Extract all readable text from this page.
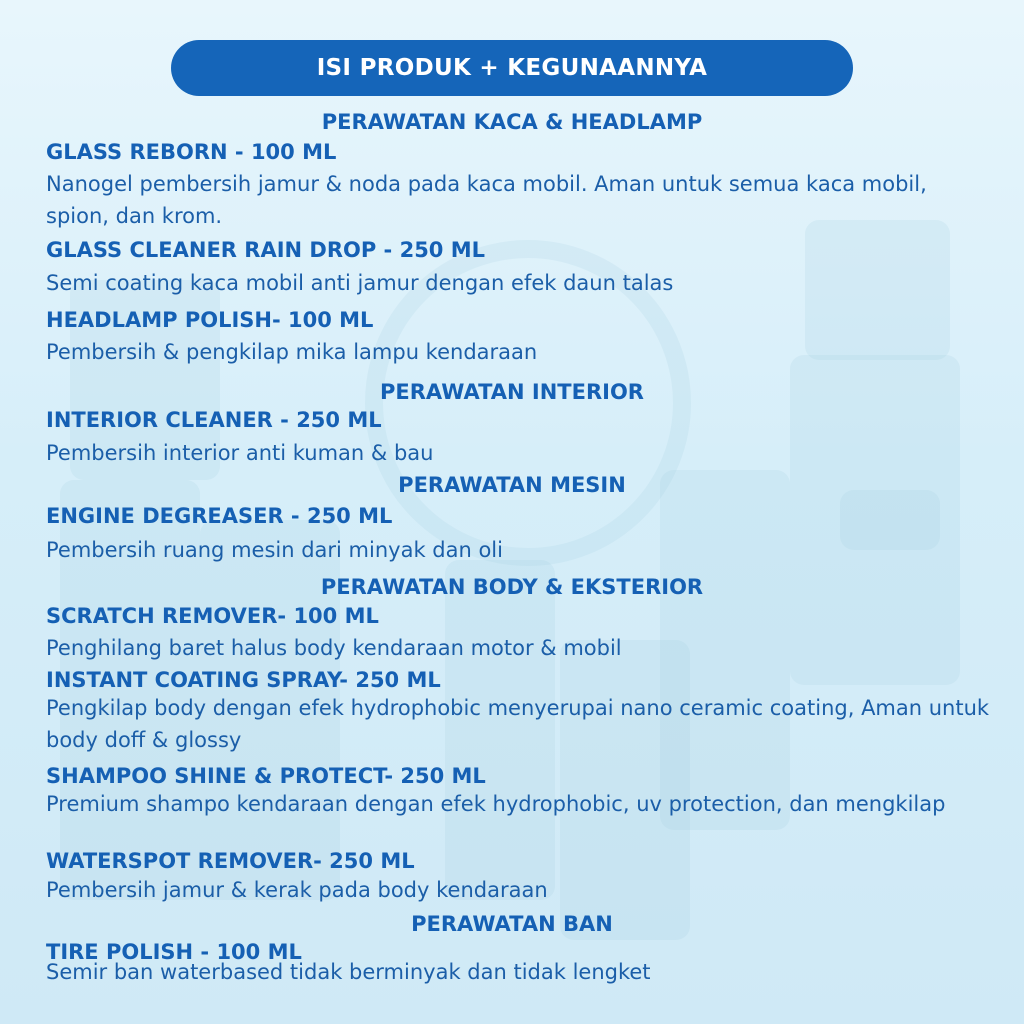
ISI PRODUK + KEGUNAANNYA
PERAWATAN KACA & HEADLAMP
GLASS REBORN - 100 ML
Nanogel pembersih jamur & noda pada kaca mobil. Aman untuk semua kaca mobil, spion, dan krom.
GLASS CLEANER RAIN DROP - 250 ML
Semi coating kaca mobil anti jamur dengan efek daun talas
HEADLAMP POLISH- 100 ML
Pembersih & pengkilap mika lampu kendaraan
PERAWATAN INTERIOR
INTERIOR CLEANER - 250 ML
Pembersih interior anti kuman & bau
PERAWATAN MESIN
ENGINE DEGREASER - 250 ML
Pembersih ruang mesin dari minyak dan oli
PERAWATAN BODY & EKSTERIOR
SCRATCH REMOVER- 100 ML
Penghilang baret halus body kendaraan motor & mobil
INSTANT COATING SPRAY- 250 ML
Pengkilap body dengan efek hydrophobic menyerupai nano ceramic coating, Aman untuk body doff & glossy
SHAMPOO SHINE & PROTECT- 250 ML
Premium shampo kendaraan dengan efek hydrophobic, uv protection, dan mengkilap
WATERSPOT REMOVER- 250 ML
Pembersih jamur & kerak pada body kendaraan
PERAWATAN BAN
TIRE POLISH - 100 ML
Semir ban waterbased tidak berminyak dan tidak lengket
